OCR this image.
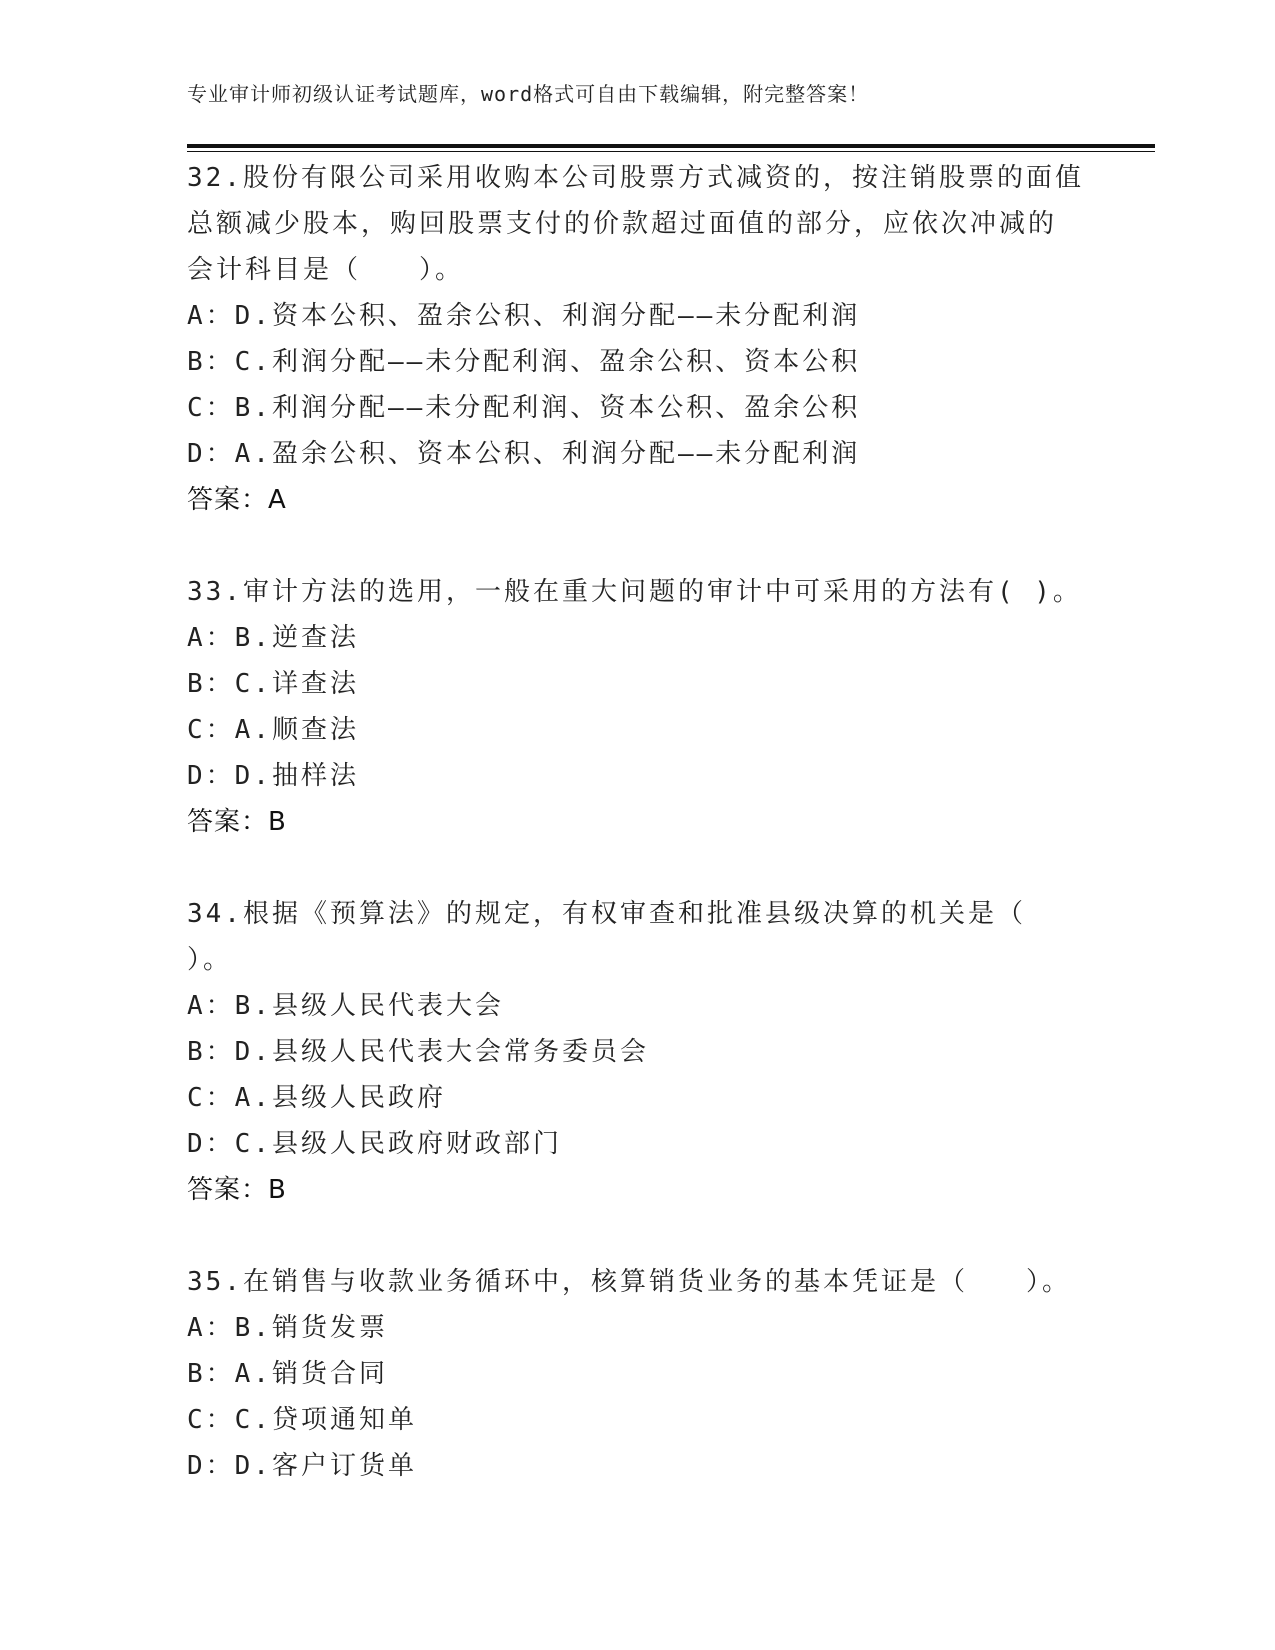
专业审计师初级认证考试题库，word格式可自由下载编辑，附完整答案！
32.股份有限公司采用收购本公司股票方式减资的，按注销股票的面值
总额减少股本，购回股票支付的价款超过面值的部分，应依次冲减的
会计科目是（　　）。
A：D.资本公积、盈余公积、利润分配——未分配利润
B：C.利润分配——未分配利润、盈余公积、资本公积
C：B.利润分配——未分配利润、资本公积、盈余公积
D：A.盈余公积、资本公积、利润分配——未分配利润
答案：A
33.审计方法的选用，一般在重大问题的审计中可采用的方法有( )。
A：B.逆查法
B：C.详查法
C：A.顺查法
D：D.抽样法
答案：B
34.根据《预算法》的规定，有权审查和批准县级决算的机关是（
）。
A：B.县级人民代表大会
B：D.县级人民代表大会常务委员会
C：A.县级人民政府
D：C.县级人民政府财政部门
答案：B
35.在销售与收款业务循环中，核算销货业务的基本凭证是（　　）。
A：B.销货发票
B：A.销货合同
C：C.贷项通知单
D：D.客户订货单
